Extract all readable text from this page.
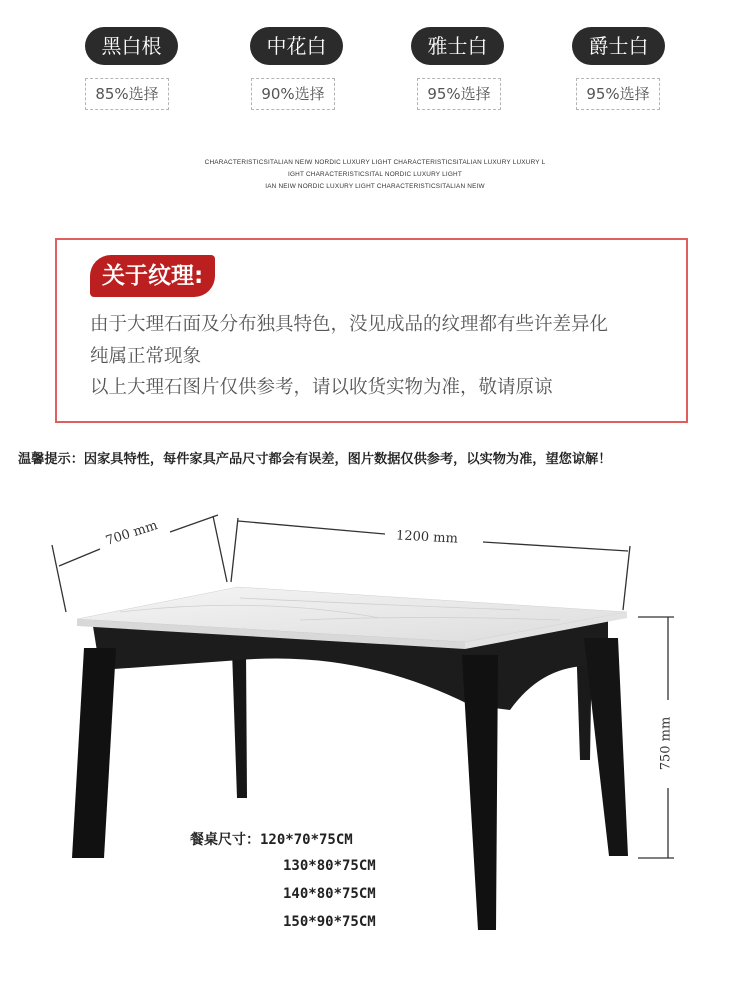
黑白根
85%选择
中花白
90%选择
雅士白
95%选择
爵士白
95%选择
CHARACTERISTICSITALIAN NEIW NORDIC LUXURY LIGHT CHARACTERISTICSITALIAN LUXURY LUXURY L
IGHT CHARACTERISTICSITAL NORDIC LUXURY LIGHT
IAN NEIW NORDIC LUXURY LIGHT CHARACTERISTICSITALIAN NEIW
关于纹理:
由于大理石面及分布独具特色，没见成品的纹理都有些许差异化
纯属正常现象
以上大理石图片仅供参考，请以收货实物为准，敬请原谅
温馨提示：因家具特性，每件家具产品尺寸都会有误差，图片数据仅供参考，以实物为准，望您谅解！
700 mm	1200 mm
750 mm
餐桌尺寸：120*70*75CM
130*80*75CM
140*80*75CM
150*90*75CM
